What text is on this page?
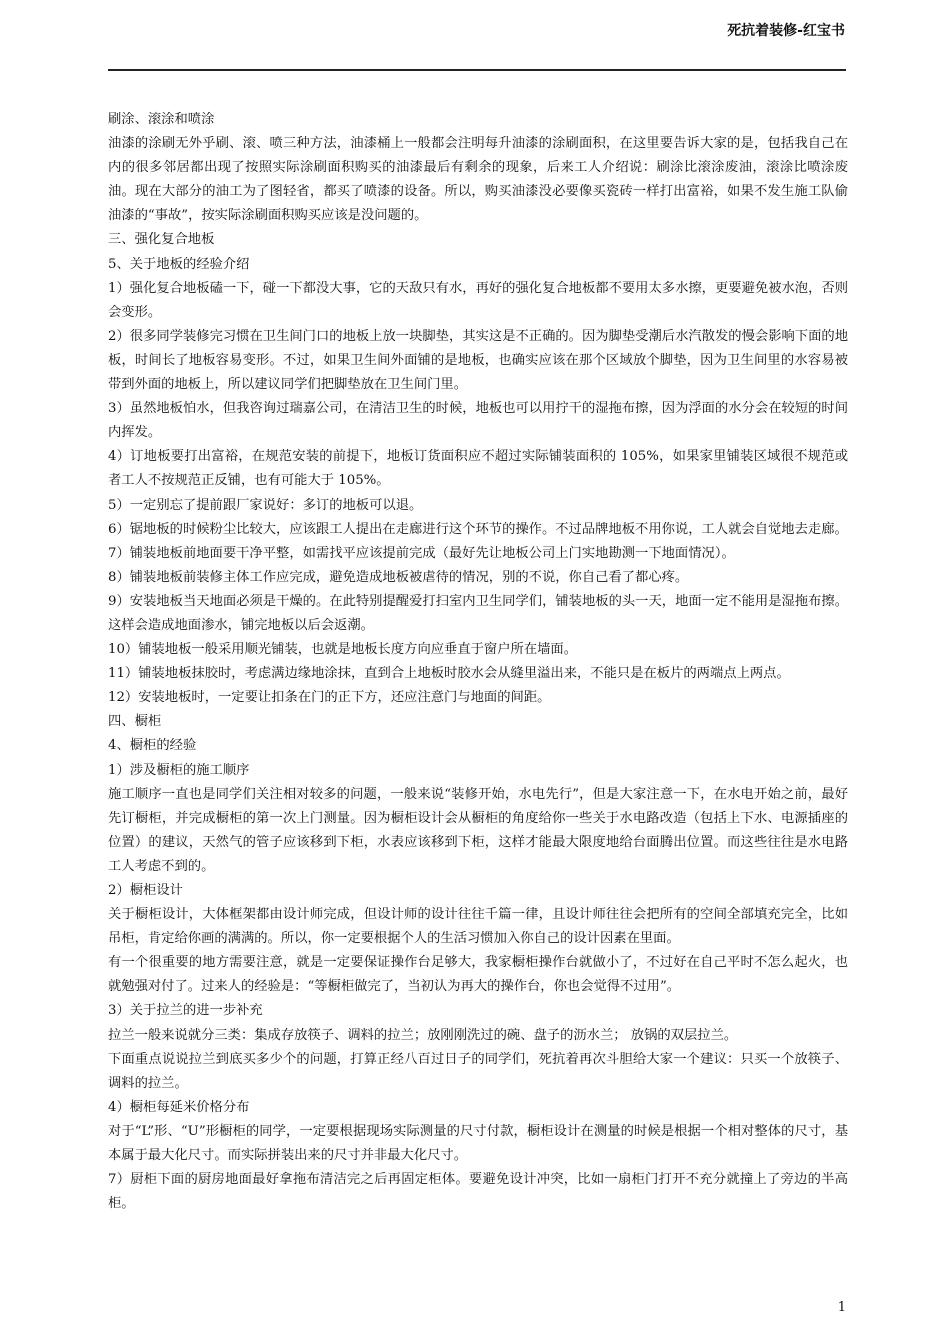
死抗着装修-红宝书

刷涂、滚涂和喷涂

油漆的涂刷无外乎刷、滚、喷三种方法，油漆桶上一般都会注明每升油漆的涂刷面积，在这里要告诉大家的是，包括我自己在内的很多邻居都出现了按照实际涂刷面积购买的油漆最后有剩余的现象，后来工人介绍说：刷涂比滚涂废油，滚涂比喷涂废油。现在大部分的油工为了图轻省，都买了喷漆的设备。所以，购买油漆没必要像买瓷砖一样打出富裕，如果不发生施工队偷油漆的“事故”，按实际涂刷面积购买应该是没问题的。

三、强化复合地板

5、关于地板的经验介绍

1）强化复合地板磕一下，碰一下都没大事，它的天敌只有水，再好的强化复合地板都不要用太多水擦，更要避免被水泡，否则会变形。

2）很多同学装修完习惯在卫生间门口的地板上放一块脚垫，其实这是不正确的。因为脚垫受潮后水汽散发的慢会影响下面的地板，时间长了地板容易变形。不过，如果卫生间外面铺的是地板，也确实应该在那个区域放个脚垫，因为卫生间里的水容易被带到外面的地板上，所以建议同学们把脚垫放在卫生间门里。

3）虽然地板怕水，但我咨询过瑞嘉公司，在清洁卫生的时候，地板也可以用拧干的湿拖布擦，因为浮面的水分会在较短的时间内挥发。

4）订地板要打出富裕，在规范安装的前提下，地板订货面积应不超过实际铺装面积的 105%，如果家里铺装区域很不规范或者工人不按规范正反铺，也有可能大于 105%。

5）一定别忘了提前跟厂家说好：多订的地板可以退。

6）锯地板的时候粉尘比较大，应该跟工人提出在走廊进行这个环节的操作。不过品牌地板不用你说，工人就会自觉地去走廊。

7）铺装地板前地面要干净平整，如需找平应该提前完成（最好先让地板公司上门实地勘测一下地面情况）。

8）铺装地板前装修主体工作应完成，避免造成地板被虐待的情况，别的不说，你自己看了都心疼。

9）安装地板当天地面必须是干燥的。在此特别提醒爱打扫室内卫生同学们，铺装地板的头一天，地面一定不能用是湿拖布擦。这样会造成地面渗水，铺完地板以后会返潮。

10）铺装地板一般采用顺光铺装，也就是地板长度方向应垂直于窗户所在墙面。

11）铺装地板抹胶时，考虑满边缘地涂抹，直到合上地板时胶水会从缝里溢出来，不能只是在板片的两端点上两点。

12）安装地板时，一定要让扣条在门的正下方，还应注意门与地面的间距。

四、橱柜

4、橱柜的经验

1）涉及橱柜的施工顺序

施工顺序一直也是同学们关注相对较多的问题，一般来说“装修开始，水电先行”，但是大家注意一下，在水电开始之前，最好先订橱柜，并完成橱柜的第一次上门测量。因为橱柜设计会从橱柜的角度给你一些关于水电路改造（包括上下水、电源插座的位置）的建议，天然气的管子应该移到下柜，水表应该移到下柜，这样才能最大限度地给台面腾出位置。而这些往往是水电路工人考虑不到的。

2）橱柜设计

关于橱柜设计，大体框架都由设计师完成，但设计师的设计往往千篇一律，且设计师往往会把所有的空间全部填充完全，比如吊柜，肯定给你画的满满的。所以，你一定要根据个人的生活习惯加入你自己的设计因素在里面。

有一个很重要的地方需要注意，就是一定要保证操作台足够大，我家橱柜操作台就做小了，不过好在自己平时不怎么起火，也就勉强对付了。过来人的经验是：“等橱柜做完了，当初认为再大的操作台，你也会觉得不过用”。

3）关于拉兰的进一步补充

拉兰一般来说就分三类：集成存放筷子、调料的拉兰；放刚刚洗过的碗、盘子的沥水兰； 放锅的双层拉兰。

下面重点说说拉兰到底买多少个的问题，打算正经八百过日子的同学们，死抗着再次斗胆给大家一个建议：只买一个放筷子、调料的拉兰。

4）橱柜每延米价格分布

对于“L”形、“U”形橱柜的同学，一定要根据现场实际测量的尺寸付款，橱柜设计在测量的时候是根据一个相对整体的尺寸，基本属于最大化尺寸。而实际拼装出来的尺寸并非最大化尺寸。

7）厨柜下面的厨房地面最好拿拖布清洁完之后再固定柜体。要避免设计冲突，比如一扇柜门打开不充分就撞上了旁边的半高柜。

1
